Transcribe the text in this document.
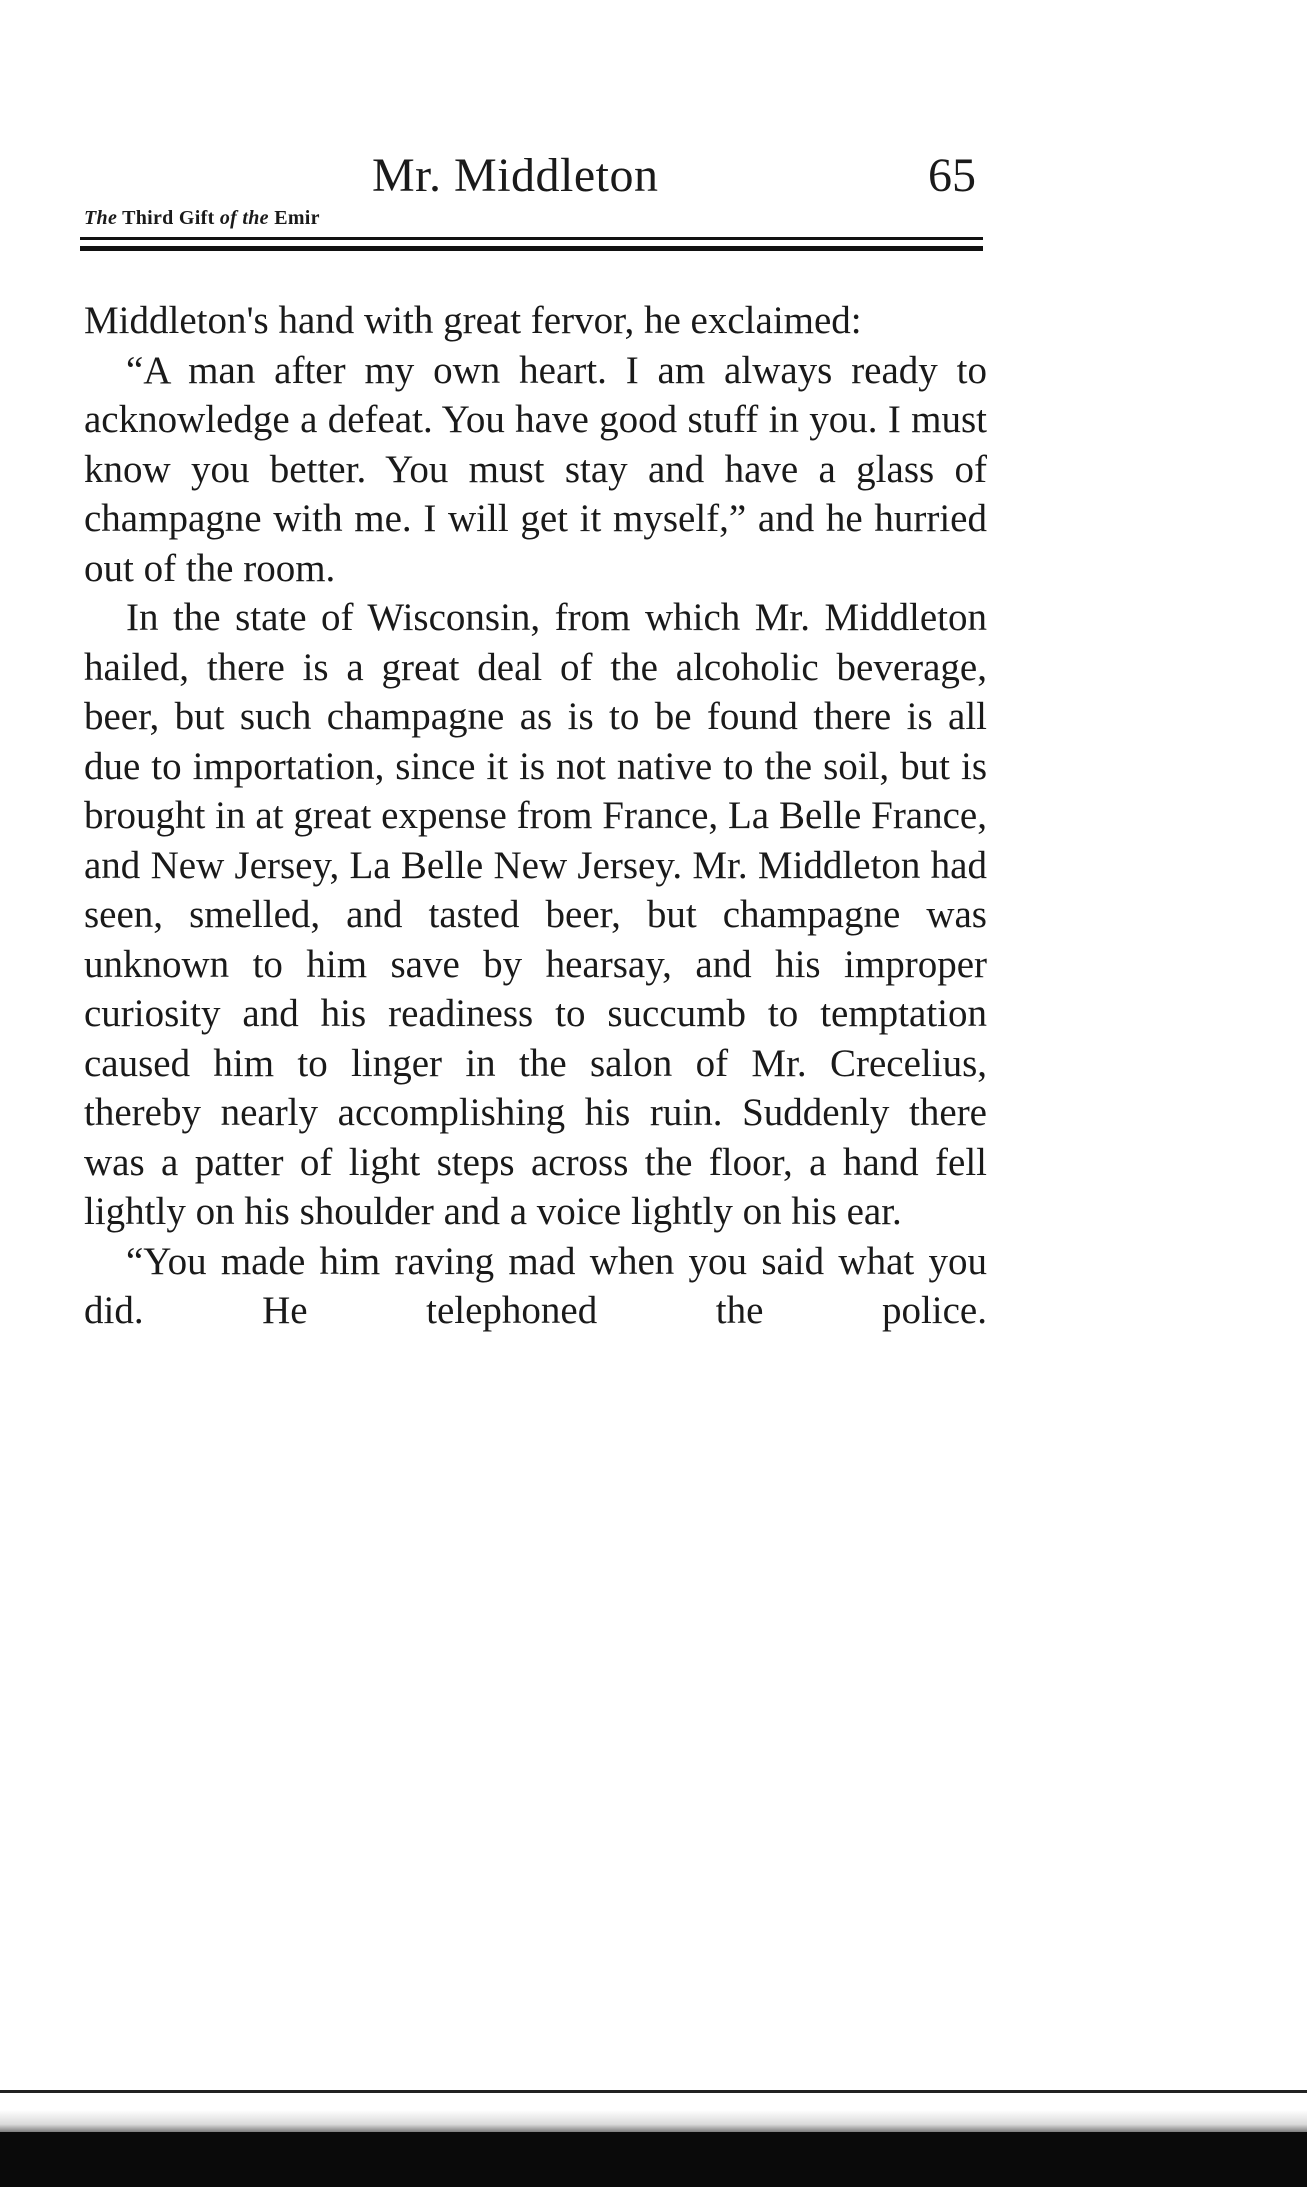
Mr. Middleton	65
The Third Gift of the Emir

Middleton's hand with great fervor, he exclaimed:

“A man after my own heart. I am always ready to acknowledge a defeat. You have good stuff in you. I must know you better. You must stay and have a glass of champagne with me. I will get it myself,” and he hurried out of the room.

In the state of Wisconsin, from which Mr. Middleton hailed, there is a great deal of the alcoholic beverage, beer, but such champagne as is to be found there is all due to importation, since it is not native to the soil, but is brought in at great expense from France, La Belle France, and New Jersey, La Belle New Jersey. Mr. Middleton had seen, smelled, and tasted beer, but champagne was unknown to him save by hearsay, and his improper curiosity and his readiness to succumb to temptation caused him to linger in the salon of Mr. Crecelius, thereby nearly accomplishing his ruin. Suddenly there was a patter of light steps across the floor, a hand fell lightly on his shoulder and a voice lightly on his ear.

“You made him raving mad when you said what you did. He telephoned the police.
